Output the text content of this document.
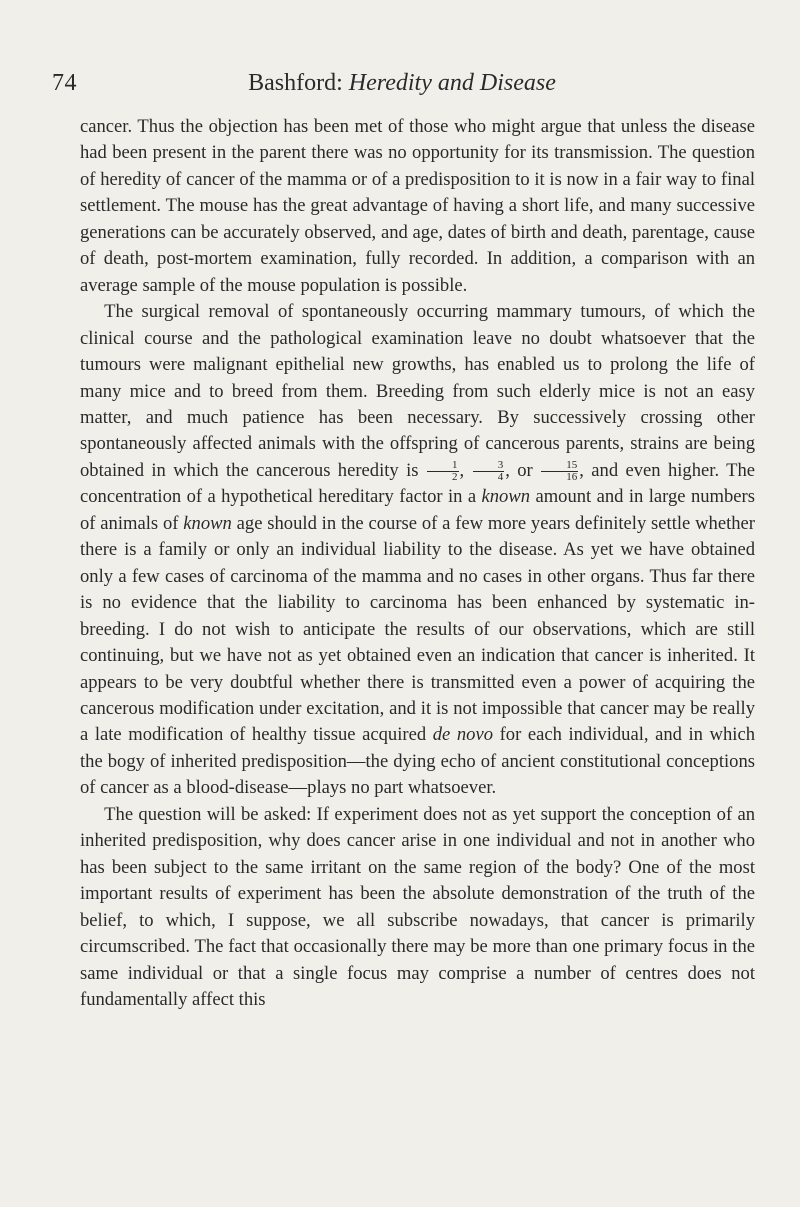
74	Bashford: Heredity and Disease

cancer. Thus the objection has been met of those who might argue that unless the disease had been present in the parent there was no opportunity for its transmission. The question of heredity of cancer of the mamma or of a predisposition to it is now in a fair way to final settlement. The mouse has the great advantage of having a short life, and many successive generations can be accurately observed, and age, dates of birth and death, parentage, cause of death, post-mortem examination, fully recorded. In addition, a comparison with an average sample of the mouse population is possible.

The surgical removal of spontaneously occurring mammary tumours, of which the clinical course and the pathological examination leave no doubt whatsoever that the tumours were malignant epithelial new growths, has enabled us to prolong the life of many mice and to breed from them. Breeding from such elderly mice is not an easy matter, and much patience has been necessary. By successively crossing other spontaneously affected animals with the offspring of cancerous parents, strains are being obtained in which the cancerous heredity is $\frac{1}{2}$ , $\frac{3}{4}$ , or $\frac{15}{16}$ , and even higher. The concentration of a hypothetical hereditary factor in a known amount and in large numbers of animals of known age should in the course of a few more years definitely settle whether there is a family or only an individual liability to the disease. As yet we have obtained only a few cases of carcinoma of the mamma and no cases in other organs. Thus far there is no evidence that the liability to carcinoma has been enhanced by systematic in-breeding. I do not wish to anticipate the results of our observations, which are still continuing, but we have not as yet obtained even an indication that cancer is inherited. It appears to be very doubtful whether there is transmitted even a power of acquiring the cancerous modification under excitation, and it is not impossible that cancer may be really a late modification of healthy tissue acquired de novo for each individual, and in which the bogy of inherited predisposition—the dying echo of ancient constitutional conceptions of cancer as a blood-disease—plays no part whatsoever.

The question will be asked: If experiment does not as yet support the conception of an inherited predisposition, why does cancer arise in one individual and not in another who has been subject to the same irritant on the same region of the body? One of the most important results of experiment has been the absolute demonstration of the truth of the belief, to which, I suppose, we all subscribe nowadays, that cancer is primarily circumscribed. The fact that occasionally there may be more than one primary focus in the same individual or that a single focus may comprise a number of centres does not fundamentally affect this
